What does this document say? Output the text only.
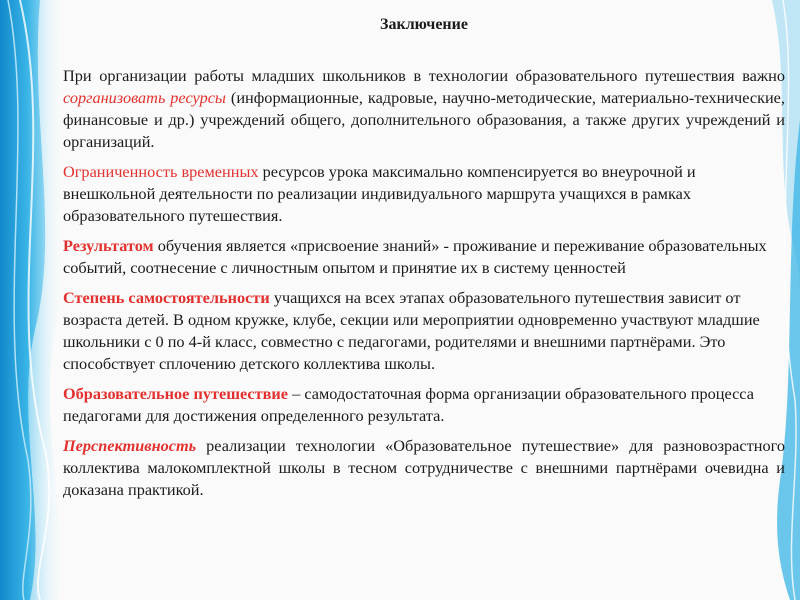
Заключение
При организации работы младших школьников в технологии образовательного путешествия важно сорганизовать ресурсы (информационные, кадровые, научно-методические, материально-технические, финансовые и др.) учреждений общего, дополнительного образования, а также других учреждений и организаций.
Ограниченность временных ресурсов урока максимально компенсируется во внеурочной и внешкольной деятельности по реализации индивидуального маршрута учащихся в рамках образовательного путешествия.
Результатом обучения является «присвоение знаний» - проживание и переживание образовательных событий, соотнесение с личностным опытом и принятие их в систему ценностей
Степень самостоятельности учащихся на всех этапах образовательного путешествия зависит от возраста детей. В одном кружке, клубе, секции или мероприятии одновременно участвуют младшие школьники с 0 по 4-й класс, совместно с педагогами, родителями и внешними партнёрами. Это способствует сплочению детского коллектива школы.
Образовательное путешествие – самодостаточная форма организации образовательного процесса педагогами для достижения определенного результата.
Перспективность реализации технологии «Образовательное путешествие» для разновозрастного коллектива малокомплектной школы в тесном сотрудничестве с внешними партнёрами очевидна и доказана практикой.
